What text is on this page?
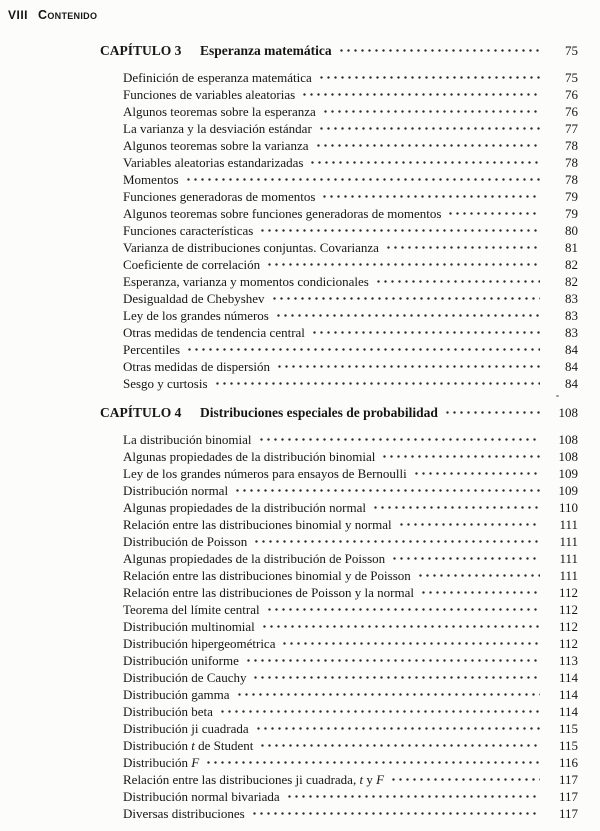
VIII Contenido
CAPÍTULO 3	Esperanza matemática	75
Definición de esperanza matemática	75
Funciones de variables aleatorias	76
Algunos teoremas sobre la esperanza	76
La varianza y la desviación estándar	77
Algunos teoremas sobre la varianza	78
Variables aleatorias estandarizadas	78
Momentos	78
Funciones generadoras de momentos	79
Algunos teoremas sobre funciones generadoras de momentos	79
Funciones características	80
Varianza de distribuciones conjuntas. Covarianza	81
Coeficiente de correlación	82
Esperanza, varianza y momentos condicionales	82
Desigualdad de Chebyshev	83
Ley de los grandes números	83
Otras medidas de tendencia central	83
Percentiles	84
Otras medidas de dispersión	84
Sesgo y curtosis	84
CAPÍTULO 4	Distribuciones especiales de probabilidad	108
La distribución binomial	108
Algunas propiedades de la distribución binomial	108
Ley de los grandes números para ensayos de Bernoulli	109
Distribución normal	109
Algunas propiedades de la distribución normal	110
Relación entre las distribuciones binomial y normal	111
Distribución de Poisson	111
Algunas propiedades de la distribución de Poisson	111
Relación entre las distribuciones binomial y de Poisson	111
Relación entre las distribuciones de Poisson y la normal	112
Teorema del límite central	112
Distribución multinomial	112
Distribución hipergeométrica	112
Distribución uniforme	113
Distribución de Cauchy	114
Distribución gamma	114
Distribución beta	114
Distribución ji cuadrada	115
Distribución t de Student	115
Distribución F	116
Relación entre las distribuciones ji cuadrada, t y F	117
Distribución normal bivariada	117
Diversas distribuciones	117
